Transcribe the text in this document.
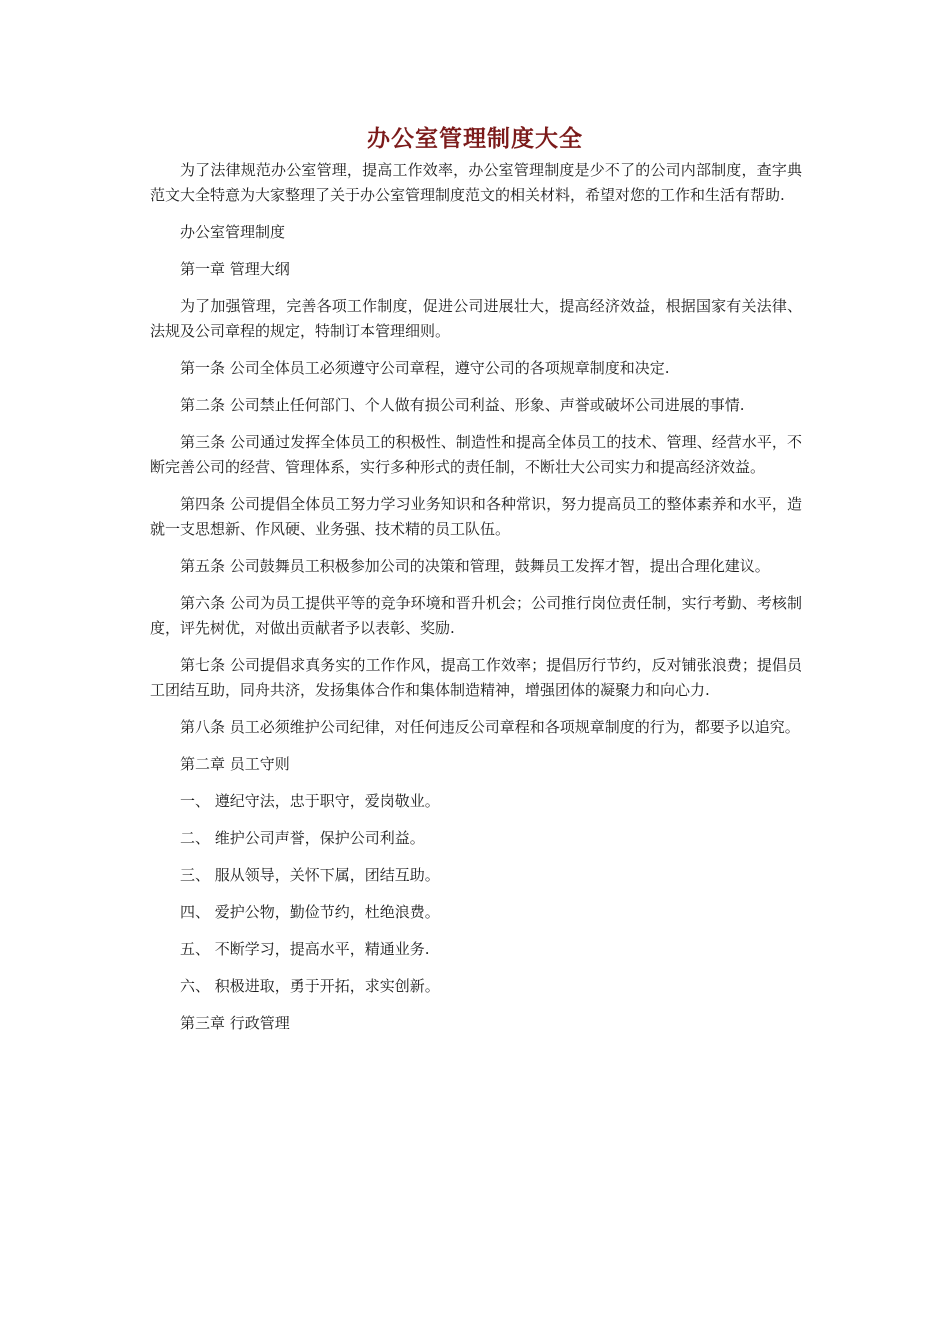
办公室管理制度大全

为了法律规范办公室管理，提高工作效率，办公室管理制度是少不了的公司内部制度，查字典范文大全特意为大家整理了关于办公室管理制度范文的相关材料，希望对您的工作和生活有帮助.

办公室管理制度

第一章 管理大纲

为了加强管理，完善各项工作制度，促进公司进展壮大，提高经济效益，根据国家有关法律、法规及公司章程的规定，特制订本管理细则。

第一条 公司全体员工必须遵守公司章程，遵守公司的各项规章制度和决定.

第二条 公司禁止任何部门、个人做有损公司利益、形象、声誉或破坏公司进展的事情.

第三条 公司通过发挥全体员工的积极性、制造性和提高全体员工的技术、管理、经营水平，不断完善公司的经营、管理体系，实行多种形式的责任制，不断壮大公司实力和提高经济效益。

第四条 公司提倡全体员工努力学习业务知识和各种常识，努力提高员工的整体素养和水平，造就一支思想新、作风硬、业务强、技术精的员工队伍。

第五条 公司鼓舞员工积极参加公司的决策和管理，鼓舞员工发挥才智，提出合理化建议。

第六条 公司为员工提供平等的竞争环境和晋升机会；公司推行岗位责任制，实行考勤、考核制度，评先树优，对做出贡献者予以表彰、奖励.

第七条 公司提倡求真务实的工作作风，提高工作效率；提倡厉行节约，反对铺张浪费；提倡员工团结互助，同舟共济，发扬集体合作和集体制造精神，增强团体的凝聚力和向心力.

第八条 员工必须维护公司纪律，对任何违反公司章程和各项规章制度的行为，都要予以追究。

第二章 员工守则

一、 遵纪守法，忠于职守，爱岗敬业。

二、 维护公司声誉，保护公司利益。

三、 服从领导，关怀下属，团结互助。

四、 爱护公物，勤俭节约，杜绝浪费。

五、 不断学习，提高水平，精通业务.

六、 积极进取，勇于开拓，求实创新。

第三章 行政管理
